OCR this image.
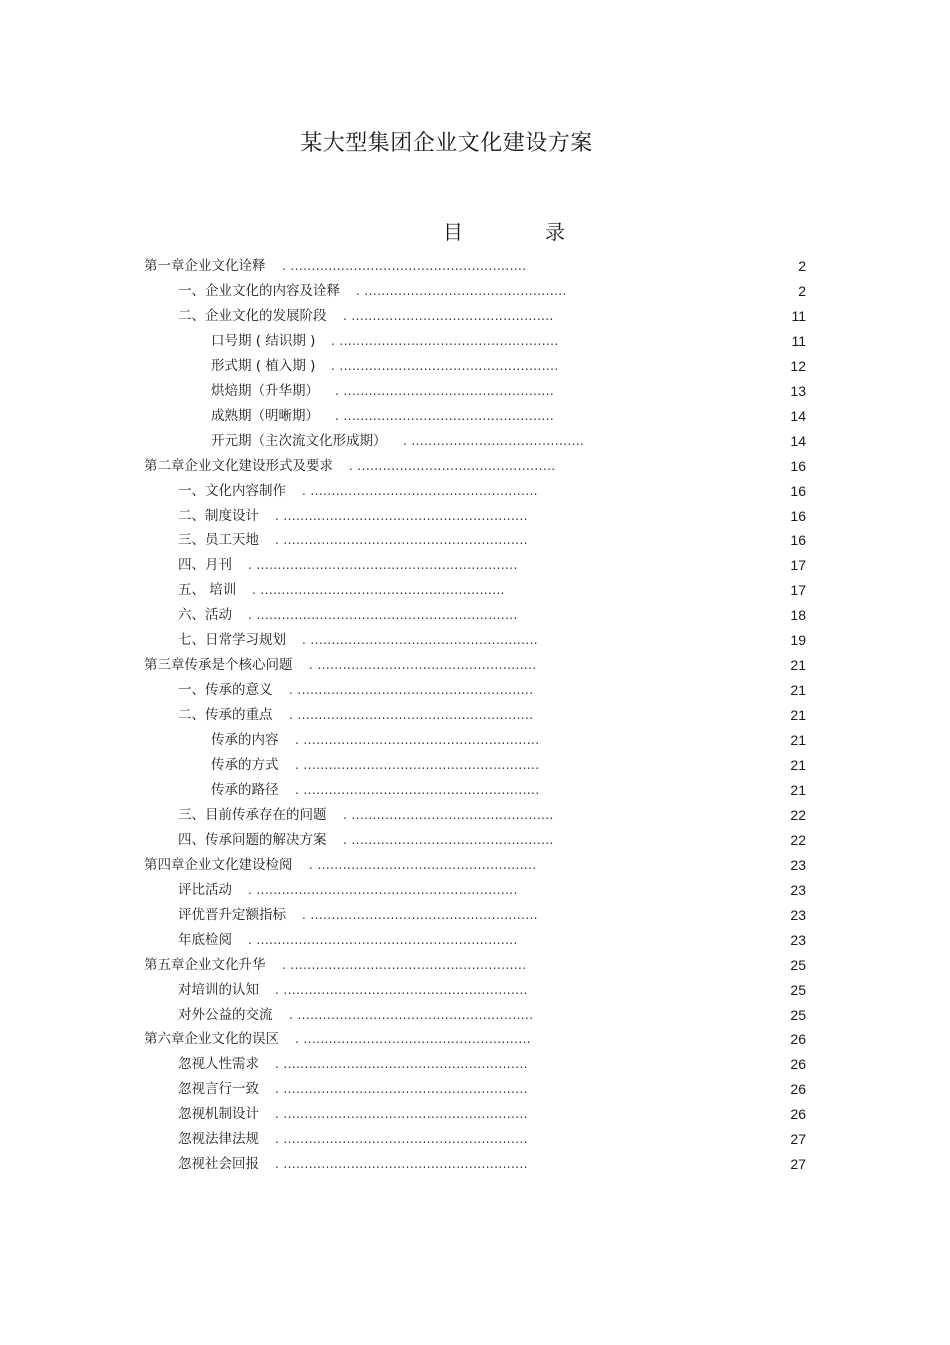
某大型集团企业文化建设方案
目	录
第一章企业文化诠释 . ........................................................	2
一、企业文化的内容及诠释 . ................................................	2
二、企业文化的发展阶段 . ................................................	11
口号期 ( 结识期 ) . ....................................................	11
形式期 ( 植入期 ) . ....................................................	12
烘焙期（升华期） . ..................................................	13
成熟期（明晰期） . ..................................................	14
开元期（主次流文化形成期） . .........................................	14
第二章企业文化建设形式及要求 . ...............................................	16
一、文化内容制作 . ......................................................	16
二、制度设计 . ..........................................................	16
三、员工天地 . ..........................................................	16
四、月刊 . ..............................................................	17
五、 培训 . ..........................................................	17
六、活动 . ..............................................................	18
七、日常学习规划 . ......................................................	19
第三章传承是个核心问题 . ....................................................	21
一、传承的意义 . ........................................................	21
二、传承的重点 . ........................................................	21
传承的内容 . ........................................................	21
传承的方式 . ........................................................	21
传承的路径 . ........................................................	21
三、目前传承存在的问题 . ................................................	22
四、传承问题的解决方案 . ................................................	22
第四章企业文化建设检阅 . ....................................................	23
评比活动 . ..............................................................	23
评优晋升定额指标 . ......................................................	23
年底检阅 . ..............................................................	23
第五章企业文化升华 . ........................................................	25
对培训的认知 . ..........................................................	25
对外公益的交流 . ........................................................	25
第六章企业文化的误区 . ......................................................	26
忽视人性需求 . ..........................................................	26
忽视言行一致 . ..........................................................	26
忽视机制设计 . ..........................................................	26
忽视法律法规 . ..........................................................	27
忽视社会回报 . ..........................................................	27
